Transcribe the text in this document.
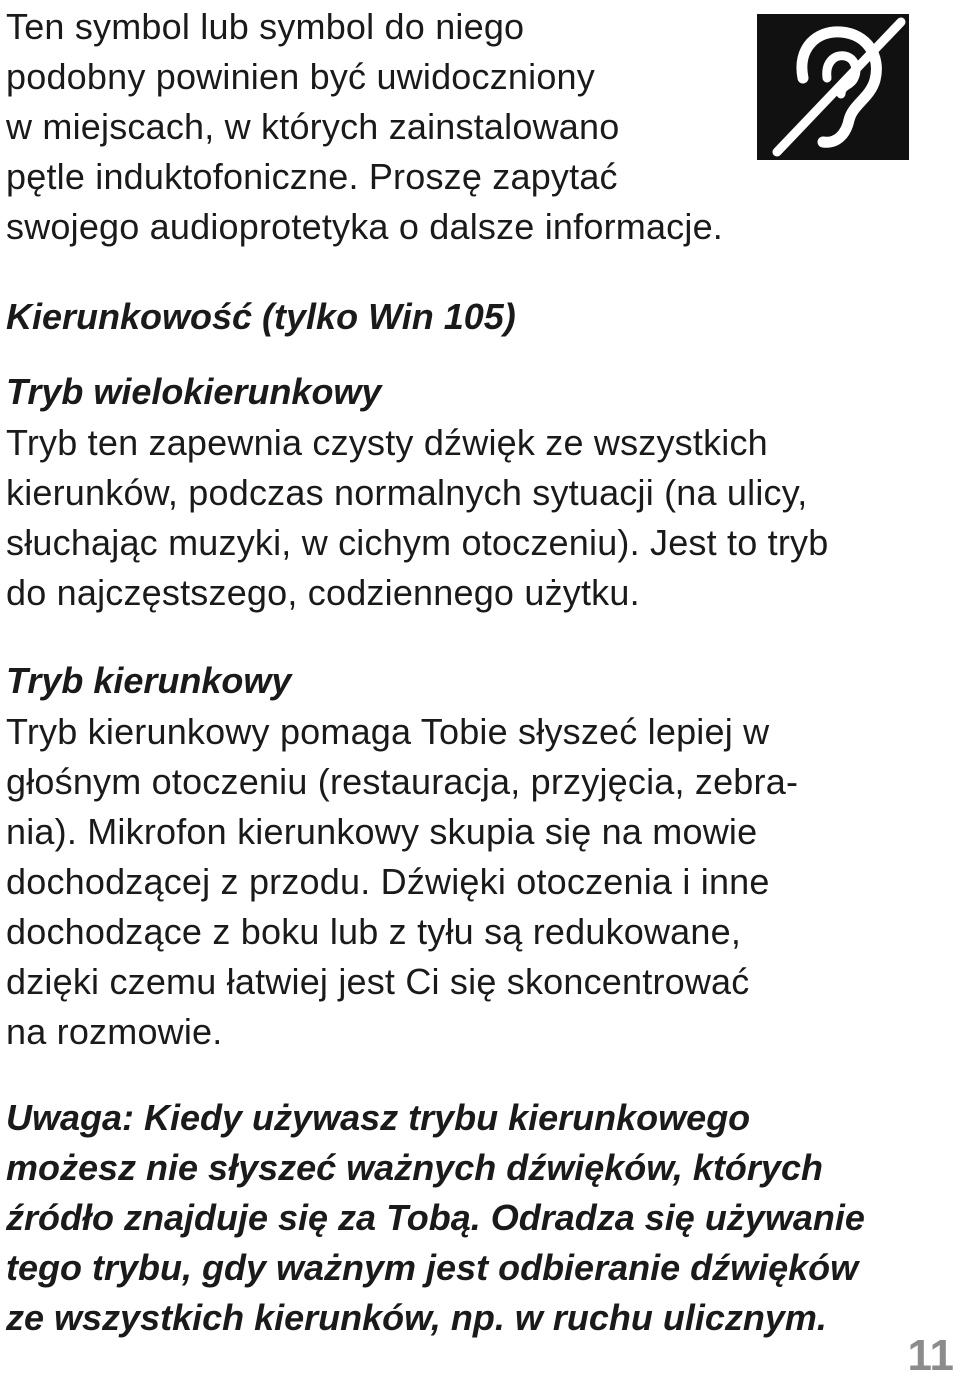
Ten symbol lub symbol do niego
podobny powinien być uwidoczniony
w miejscach, w których zainstalowano
pętle induktofoniczne. Proszę zapytać
swojego audioprotetyka o dalsze informacje.
Kierunkowość (tylko Win 105)
Tryb wielokierunkowy
Tryb ten zapewnia czysty dźwięk ze wszystkich
kierunków, podczas normalnych sytuacji (na ulicy,
słuchając muzyki, w cichym otoczeniu). Jest to tryb
do najczęstszego, codziennego użytku.
Tryb kierunkowy
Tryb kierunkowy pomaga Tobie słyszeć lepiej w
głośnym otoczeniu (restauracja, przyjęcia, zebra-
nia). Mikrofon kierunkowy skupia się na mowie
dochodzącej z przodu. Dźwięki otoczenia i inne
dochodzące z boku lub z tyłu są redukowane,
dzięki czemu łatwiej jest Ci się skoncentrować
na rozmowie.
Uwaga: Kiedy używasz trybu kierunkowego
możesz nie słyszeć ważnych dźwięków, których
źródło znajduje się za Tobą. Odradza się używanie
tego trybu, gdy ważnym jest odbieranie dźwięków
ze wszystkich kierunków, np. w ruchu ulicznym.
11
